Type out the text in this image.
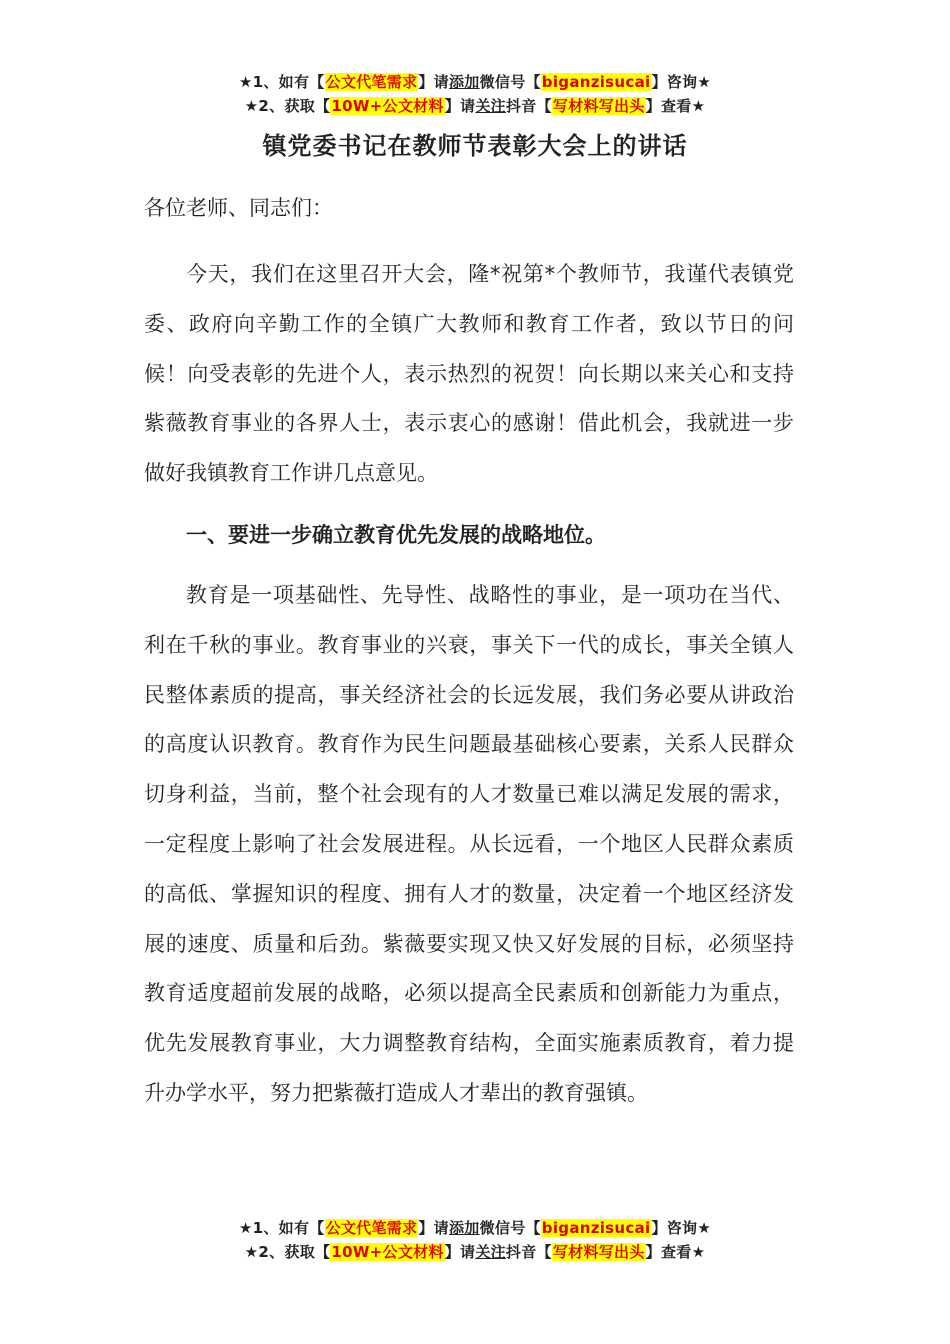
★1、如有【公文代笔需求】请添加微信号【biganzisucai】咨询★
★2、获取【10W+公文材料】请关注抖音【写材料写出头】查看★
镇党委书记在教师节表彰大会上的讲话

各位老师、同志们：

今天，我们在这里召开大会，隆*祝第*个教师节，我谨代表镇党委、政府向辛勤工作的全镇广大教师和教育工作者，致以节日的问候！向受表彰的先进个人，表示热烈的祝贺！向长期以来关心和支持紫薇教育事业的各界人士，表示衷心的感谢！借此机会，我就进一步做好我镇教育工作讲几点意见。

一、要进一步确立教育优先发展的战略地位。

教育是一项基础性、先导性、战略性的事业，是一项功在当代、利在千秋的事业。教育事业的兴衰，事关下一代的成长，事关全镇人民整体素质的提高，事关经济社会的长远发展，我们务必要从讲政治的高度认识教育。教育作为民生问题最基础核心要素，关系人民群众切身利益，当前，整个社会现有的人才数量已难以满足发展的需求，一定程度上影响了社会发展进程。从长远看，一个地区人民群众素质的高低、掌握知识的程度、拥有人才的数量，决定着一个地区经济发展的速度、质量和后劲。紫薇要实现又快又好发展的目标，必须坚持教育适度超前发展的战略，必须以提高全民素质和创新能力为重点，优先发展教育事业，大力调整教育结构，全面实施素质教育，着力提升办学水平，努力把紫薇打造成人才辈出的教育强镇。

★1、如有【公文代笔需求】请添加微信号【biganzisucai】咨询★
★2、获取【10W+公文材料】请关注抖音【写材料写出头】查看★
